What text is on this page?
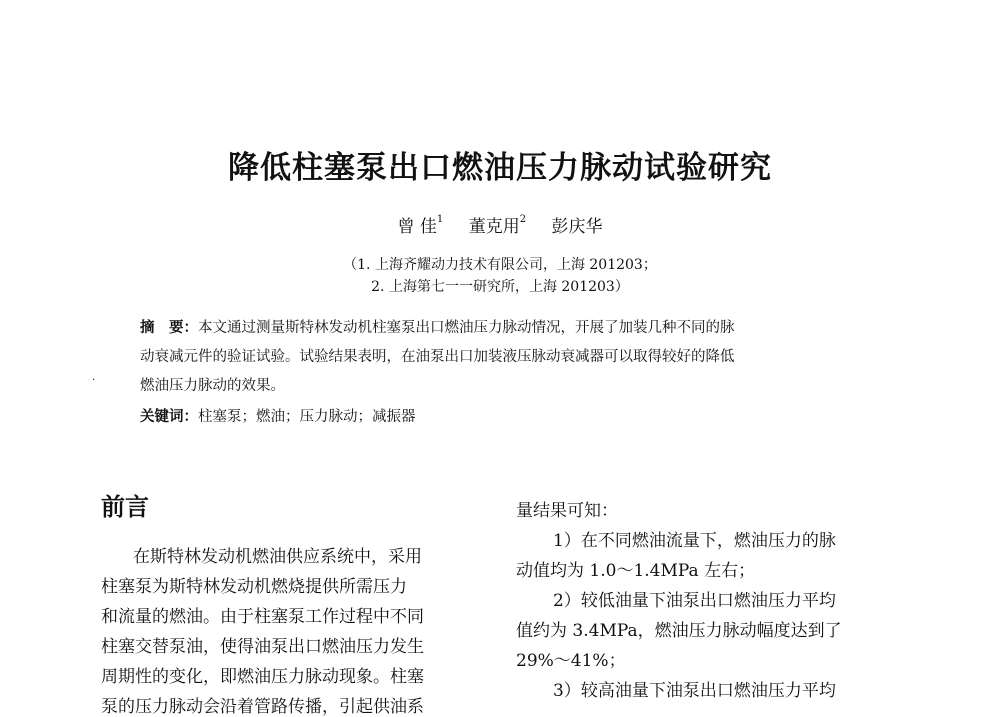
降低柱塞泵出口燃油压力脉动试验研究
曾 佳$^1$ 董克用$^2$ 彭庆华
（1. 上海齐耀动力技术有限公司，上海 201203；
2. 上海第七一一研究所，上海 201203）
摘　要：本文通过测量斯特林发动机柱塞泵出口燃油压力脉动情况，开展了加装几种不同的脉
动衰减元件的验证试验。试验结果表明，在油泵出口加装液压脉动衰减器可以取得较好的降低
燃油压力脉动的效果。
.
关键词：柱塞泵；燃油；压力脉动；减振器
前言
在斯特林发动机燃油供应系统中，采用
柱塞泵为斯特林发动机燃烧提供所需压力
和流量的燃油。由于柱塞泵工作过程中不同
柱塞交替泵油，使得油泵出口燃油压力发生
周期性的变化，即燃油压力脉动现象。柱塞
泵的压力脉动会沿着管路传播，引起供油系
量结果可知：
1）在不同燃油流量下，燃油压力的脉
动值均为 1.0～1.4MPa 左右；
2）较低油量下油泵出口燃油压力平均
值约为 3.4MPa，燃油压力脉动幅度达到了
29%～41%；
3）较高油量下油泵出口燃油压力平均
